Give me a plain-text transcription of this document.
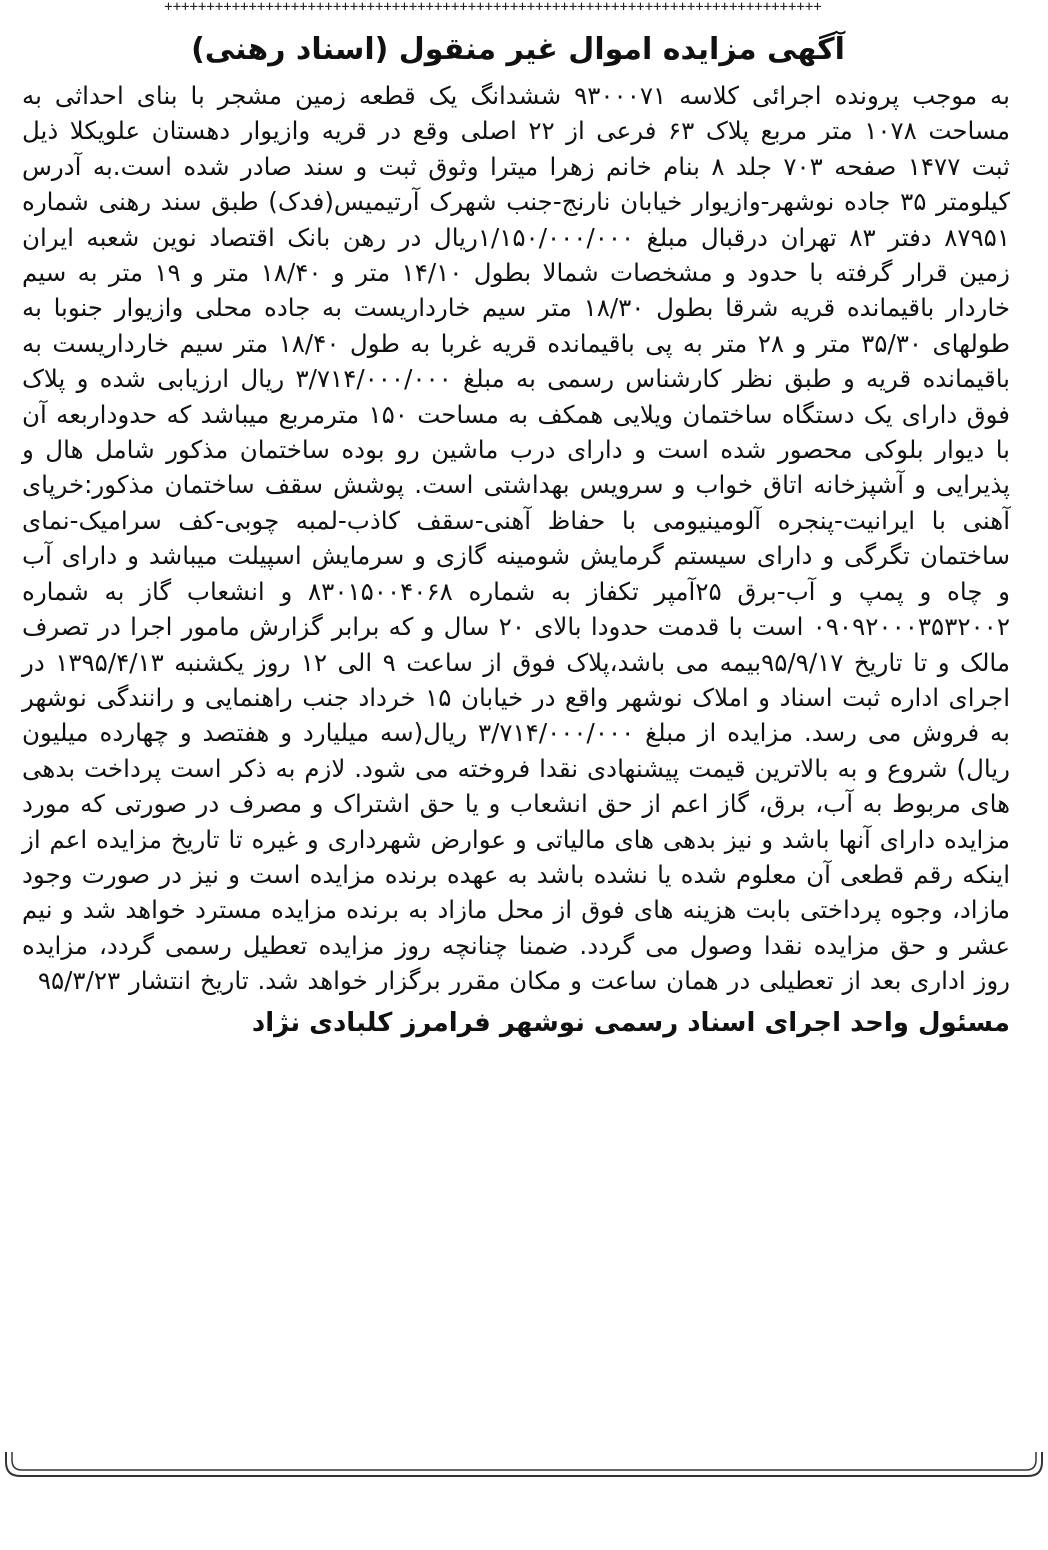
++++++++++++++++++++++++++++++++++++++++++++++++++++++++++++++++++++++++++++++
آگهی مزایده اموال غیر منقول (اسناد رهنی)

به موجب پرونده اجرائی کلاسه ۹۳۰۰۰۷۱ ششدانگ یک قطعه زمین مشجر با بنای احداثی به مساحت ۱۰۷۸ متر مربع پلاک ۶۳ فرعی از ۲۲ اصلی وقع در قریه وازیوار دهستان علویکلا ذیل ثبت ۱۴۷۷ صفحه ۷۰۳ جلد ۸ بنام خانم زهرا میترا وثوق ثبت و سند صادر شده است.به آدرس کیلومتر ۳۵ جاده نوشهر-وازیوار خیابان نارنج-جنب شهرک آرتیمیس(فدک) طبق سند رهنی شماره ۸۷۹۵۱ دفتر ۸۳ تهران درقبال مبلغ ۱/۱۵۰/۰۰۰/۰۰۰ریال در رهن بانک اقتصاد نوین شعبه ایران زمین قرار گرفته با حدود و مشخصات شمالا بطول ۱۴/۱۰ متر و ۱۸/۴۰ متر و ۱۹ متر به سیم خاردار باقیمانده قریه شرقا بطول ۱۸/۳۰ متر سیم خارداریست به جاده محلی وازیوار جنوبا به طولهای ۳۵/۳۰ متر و ۲۸ متر به پی باقیمانده قریه غربا به طول ۱۸/۴۰ متر سیم خارداریست به باقیمانده قریه و طبق نظر کارشناس رسمی به مبلغ ۳/۷۱۴/۰۰۰/۰۰۰ ریال ارزیابی شده و پلاک فوق دارای یک دستگاه ساختمان ویلایی همکف به مساحت ۱۵۰ مترمربع میباشد که حدوداربعه آن با دیوار بلوکی محصور شده است و دارای درب ماشین رو بوده ساختمان مذکور شامل هال و پذیرایی و آشپزخانه اتاق خواب و سرویس بهداشتی است. پوشش سقف ساختمان مذکور:خرپای آهنی با ایرانیت-پنجره آلومینیومی با حفاظ آهنی-سقف کاذب-لمبه چوبی-کف سرامیک-نمای ساختمان تگرگی و دارای سیستم گرمایش شومینه گازی و سرمایش اسپیلت میباشد و دارای آب و چاه و پمپ و آب-برق ۲۵آمپر تکفاز به شماره ۸۳۰۱۵۰۰۴۰۶۸ و انشعاب گاز به شماره ۰۹۰۹۲۰۰۰۳۵۳۲۰۰۲ است با قدمت حدودا بالای ۲۰ سال و که برابر گزارش مامور اجرا در تصرف مالک و تا تاریخ ۹۵/۹/۱۷بیمه می باشد،پلاک فوق از ساعت ۹ الی ۱۲ روز یکشنبه ۱۳۹۵/۴/۱۳ در اجرای اداره ثبت اسناد و املاک نوشهر واقع در خیابان ۱۵ خرداد جنب راهنمایی و رانندگی نوشهر به فروش می رسد. مزایده از مبلغ ۳/۷۱۴/۰۰۰/۰۰۰ ریال(سه میلیارد و هفتصد و چهارده میلیون ریال) شروع و به بالاترین قیمت پیشنهادی نقدا فروخته می شود. لازم به ذکر است پرداخت بدهی های مربوط به آب، برق، گاز اعم از حق انشعاب و یا حق اشتراک و مصرف در صورتی که مورد مزایده دارای آنها باشد و نیز بدهی های مالیاتی و عوارض شهرداری و غیره تا تاریخ مزایده اعم از اینکه رقم قطعی آن معلوم شده یا نشده باشد به عهده برنده مزایده است و نیز در صورت وجود مازاد، وجوه پرداختی بابت هزینه های فوق از محل مازاد به برنده مزایده مسترد خواهد شد و نیم عشر و حق مزایده نقدا وصول می گردد. ضمنا چنانچه روز مزایده تعطیل رسمی گردد، مزایده روز اداری بعد از تعطیلی در همان ساعت و مکان مقرر برگزار خواهد شد. تاریخ انتشار ۹۵/۳/۲۳

مسئول واحد اجرای اسناد رسمی نوشهر فرامرز کلبادی نژاد
